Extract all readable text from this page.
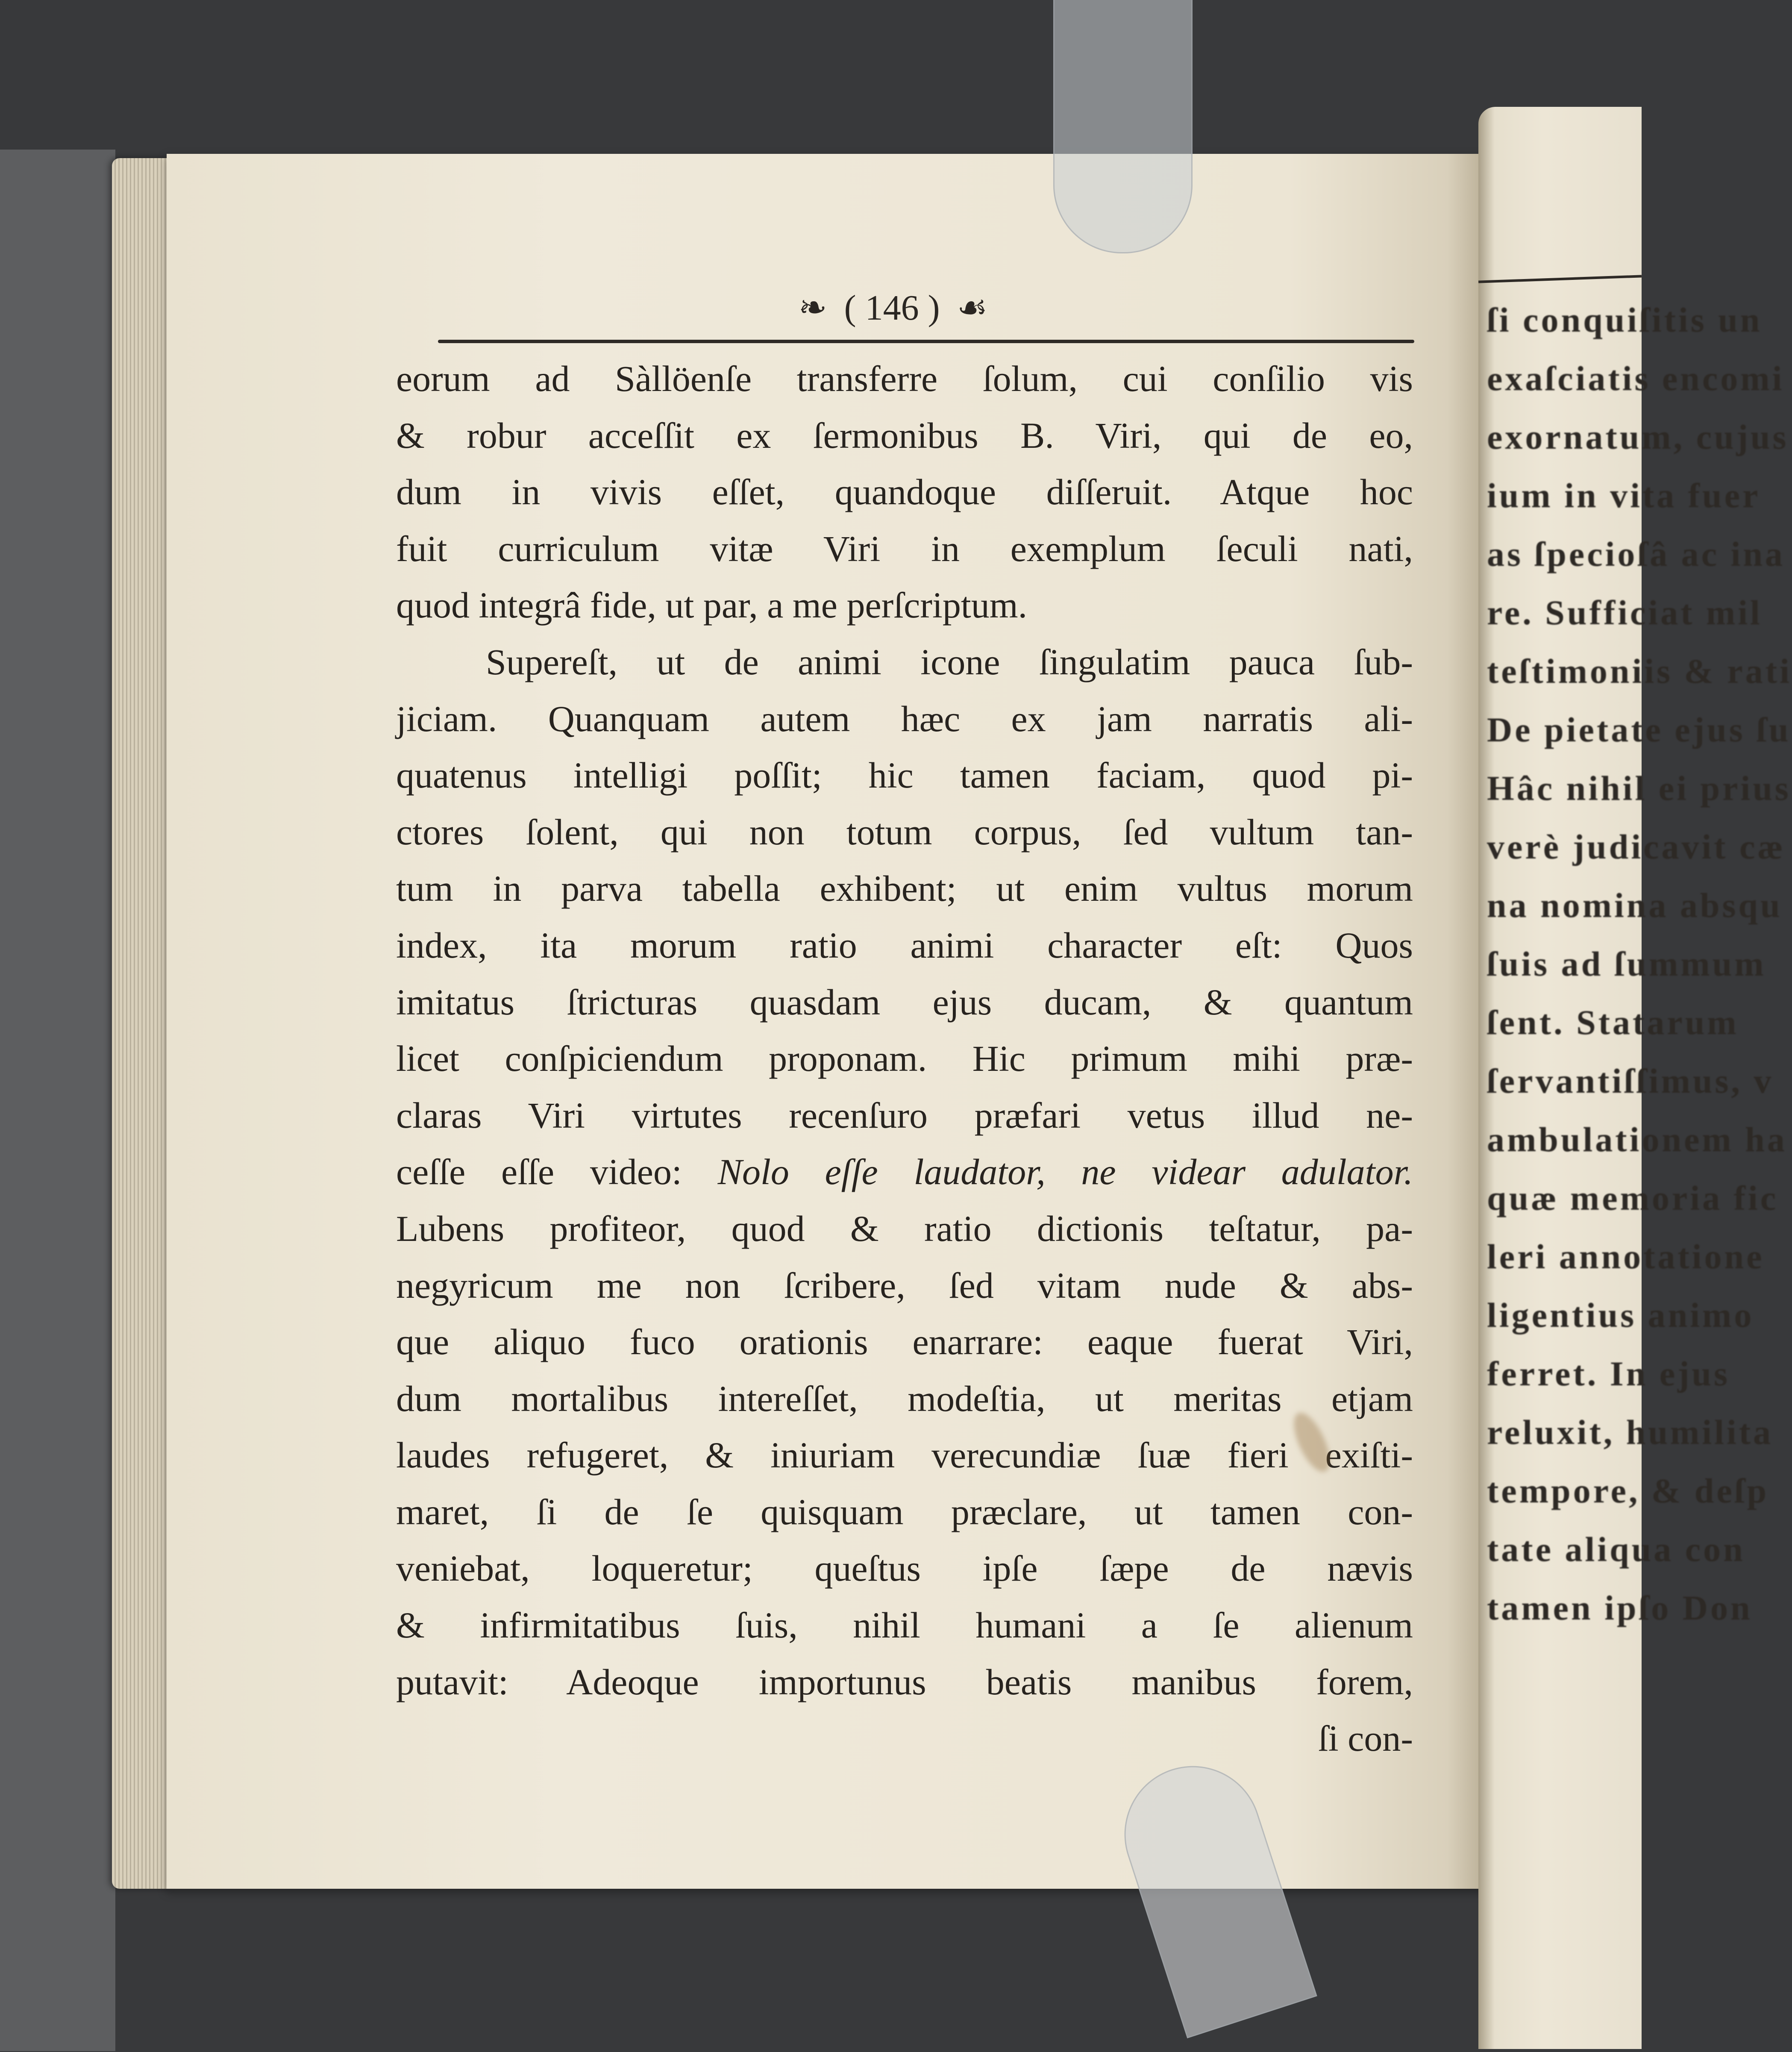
ſi conquiſitis un
exaſciatis encomi
exornatum, cujus
ium in vita fuer
as ſpecioſâ ac ina
re. Sufficiat mil
teſtimoniis & rati
De pietate ejus ſu
Hâc nihil ei prius
verè judicavit cæ
na nomina absqu
ſuis ad ſummum
ſent. Statarum
ſervantiſſimus, v
ambulationem ha
quæ memoria fic
leri annotatione
ligentius animo
ferret. In ejus
reluxit, humilita
tempore, & deſp
tate aliqua con
tamen ipſo Don
❧ ( 146 ) ☙
eorum ad Sàllöenſe transferre ſolum, cui conſilio vis
& robur acceſſit ex ſermonibus B. Viri, qui de eo,
dum in vivis eſſet, quandoque diſſeruit. Atque hoc
fuit curriculum vitæ Viri in exemplum ſeculi nati,
quod integrâ fide, ut par, a me perſcriptum.
Supereſt, ut de animi icone ſingulatim pauca ſub-
jiciam. Quanquam autem hæc ex jam narratis ali-
quatenus intelligi poſſit; hic tamen faciam, quod pi-
ctores ſolent, qui non totum corpus, ſed vultum tan-
tum in parva tabella exhibent; ut enim vultus morum
index, ita morum ratio animi character eſt: Quos
imitatus ſtricturas quasdam ejus ducam, & quantum
licet conſpiciendum proponam. Hic primum mihi præ-
claras Viri virtutes recenſuro præfari vetus illud ne-
ceſſe eſſe video: Nolo eſſe laudator, ne videar adulator.
Lubens profiteor, quod & ratio dictionis teſtatur, pa-
negyricum me non ſcribere, ſed vitam nude & abs-
que aliquo fuco orationis enarrare: eaque fuerat Viri,
dum mortalibus intereſſet, modeſtia, ut meritas etjam
laudes refugeret, & iniuriam verecundiæ ſuæ fieri exiſti-
maret, ſi de ſe quisquam præclare, ut tamen con-
veniebat, loqueretur; queſtus ipſe ſæpe de nævis
& infirmitatibus ſuis, nihil humani a ſe alienum
putavit: Adeoque importunus beatis manibus forem,
ſi con-
